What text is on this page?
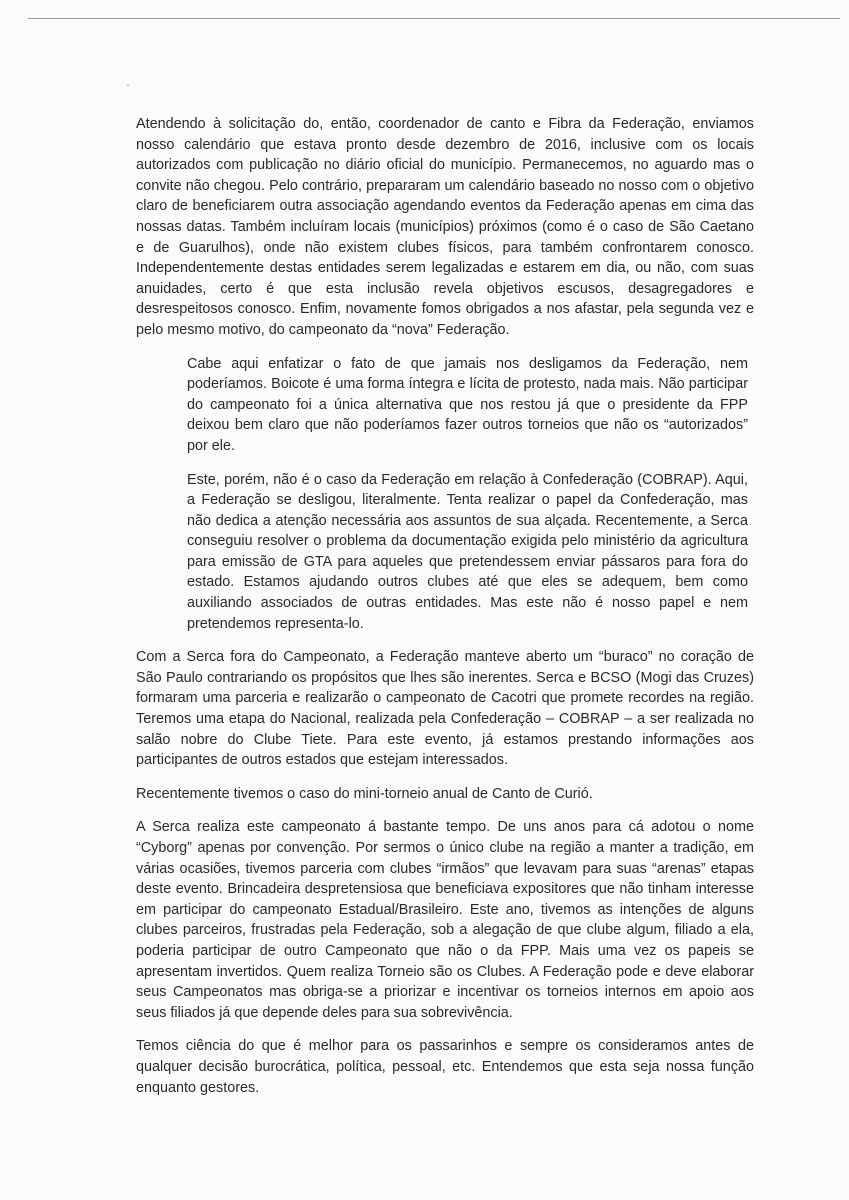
Atendendo à solicitação do, então, coordenador de canto e Fibra da Federação, enviamos nosso calendário que estava pronto desde dezembro de 2016, inclusive com os locais autorizados com publicação no diário oficial do município. Permanecemos, no aguardo mas o convite não chegou. Pelo contrário, prepararam um calendário baseado no nosso com o objetivo claro de beneficiarem outra associação agendando eventos da Federação apenas em cima das nossas datas. Também incluíram locais (municípios) próximos (como é o caso de São Caetano e de Guarulhos), onde não existem clubes físicos, para também confrontarem conosco. Independentemente destas entidades serem legalizadas e estarem em dia, ou não, com suas anuidades, certo é que esta inclusão revela objetivos escusos, desagregadores e desrespeitosos conosco. Enfim, novamente fomos obrigados a nos afastar, pela segunda vez e pelo mesmo motivo, do campeonato da “nova” Federação.

Cabe aqui enfatizar o fato de que jamais nos desligamos da Federação, nem poderíamos. Boicote é uma forma íntegra e lícita de protesto, nada mais. Não participar do campeonato foi a única alternativa que nos restou já que o presidente da FPP deixou bem claro que não poderíamos fazer outros torneios que não os “autorizados” por ele.

Este, porém, não é o caso da Federação em relação à Confederação (COBRAP). Aqui, a Federação se desligou, literalmente. Tenta realizar o papel da Confederação, mas não dedica a atenção necessária aos assuntos de sua alçada. Recentemente, a Serca conseguiu resolver o problema da documentação exigida pelo ministério da agricultura para emissão de GTA para aqueles que pretendessem enviar pássaros para fora do estado. Estamos ajudando outros clubes até que eles se adequem, bem como auxiliando associados de outras entidades. Mas este não é nosso papel e nem pretendemos representa-lo.

Com a Serca fora do Campeonato, a Federação manteve aberto um “buraco” no coração de São Paulo contrariando os propósitos que lhes são inerentes. Serca e BCSO (Mogi das Cruzes) formaram uma parceria e realizarão o campeonato de Cacotri que promete recordes na região. Teremos uma etapa do Nacional, realizada pela Confederação – COBRAP – a ser realizada no salão nobre do Clube Tiete. Para este evento, já estamos prestando informações aos participantes de outros estados que estejam interessados.

Recentemente tivemos o caso do mini-torneio anual de Canto de Curió.

A Serca realiza este campeonato á bastante tempo. De uns anos para cá adotou o nome “Cyborg” apenas por convenção. Por sermos o único clube na região a manter a tradição, em várias ocasiões, tivemos parceria com clubes “irmãos” que levavam para suas “arenas” etapas deste evento. Brincadeira despretensiosa que beneficiava expositores que não tinham interesse em participar do campeonato Estadual/Brasileiro. Este ano, tivemos as intenções de alguns clubes parceiros, frustradas pela Federação, sob a alegação de que clube algum, filiado a ela, poderia participar de outro Campeonato que não o da FPP. Mais uma vez os papeis se apresentam invertidos. Quem realiza Torneio são os Clubes. A Federação pode e deve elaborar seus Campeonatos mas obriga-se a priorizar e incentivar os torneios internos em apoio aos seus filiados já que depende deles para sua sobrevivência.

Temos ciência do que é melhor para os passarinhos e sempre os consideramos antes de qualquer decisão burocrática, política, pessoal, etc. Entendemos que esta seja nossa função enquanto gestores.
